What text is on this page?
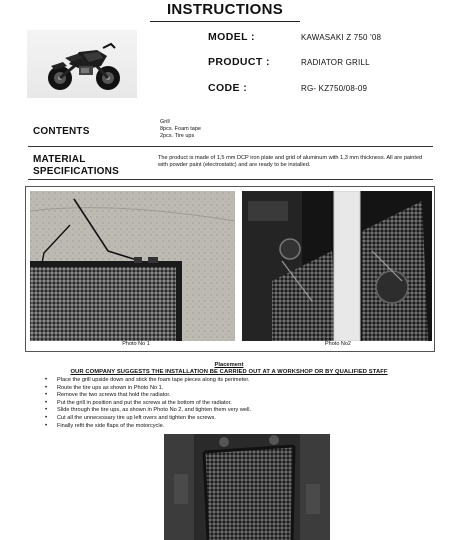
INSTRUCTIONS
MODEL :	KAWASAKI Z 750 '08
PRODUCT :	RADIATOR GRILL
CODE :	RG- KZ750/08-09
CONTENTS
Grill
8pcs. Foam tape
2pcs. Tire ups
MATERIAL
SPECIFICATIONS
The product is made of 1,5 mm DCP iron plate and grid of aluminum with 1,3 mm thickness. All are painted with powder paint (electrostatic) and are ready to be installed.
Photo No 1	Photo No2
Placement
OUR COMPANY SUGGESTS THE INSTALLATION BE CARRIED OUT AT A WORKSHOP OR BY QUALIFIED STAFF
• Place the grill upside down and stick the foam tape pieces along its perimeter.
• Route the tire ups as shown in Photo No 1.
• Remove the two screws that hold the radiator.
• Put the grill in position and put the screws at the bottom of the radiator.
• Slide through the tire ups, as shown in Photo No 2, and tighten them very well.
• Cut all the unnecessary tire up left overs and tighten the screws.
• Finally refit the side flaps of the motorcycle.
